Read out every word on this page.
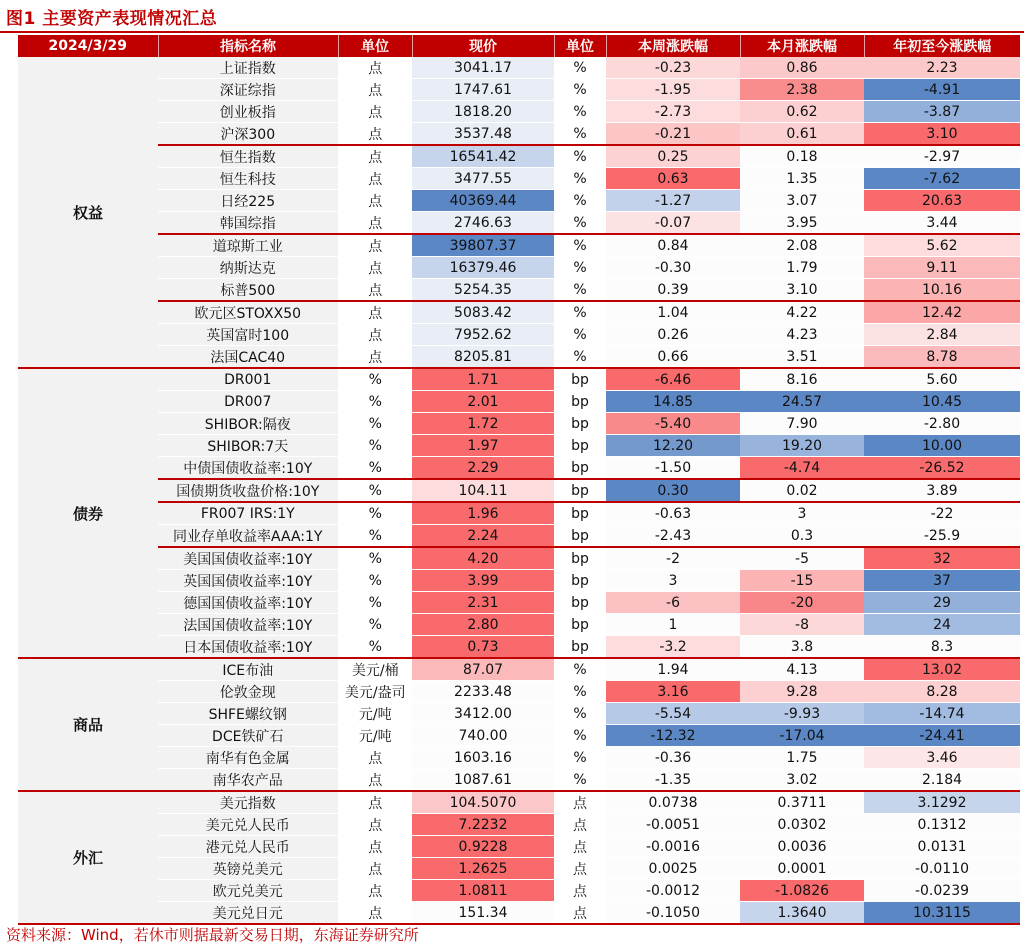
图1 主要资产表现情况汇总
2024/3/29	指标名称	单位	现价	单位	本周涨跌幅	本月涨跌幅	年初至今涨跌幅
权益	上证指数	点	3041.17	%	-0.23	0.86	2.23
	深证综指	点	1747.61	%	-1.95	2.38	-4.91
	创业板指	点	1818.20	%	-2.73	0.62	-3.87
	沪深300	点	3537.48	%	-0.21	0.61	3.10
	恒生指数	点	16541.42	%	0.25	0.18	-2.97
	恒生科技	点	3477.55	%	0.63	1.35	-7.62
	日经225	点	40369.44	%	-1.27	3.07	20.63
	韩国综指	点	2746.63	%	-0.07	3.95	3.44
	道琼斯工业	点	39807.37	%	0.84	2.08	5.62
	纳斯达克	点	16379.46	%	-0.30	1.79	9.11
	标普500	点	5254.35	%	0.39	3.10	10.16
	欧元区STOXX50	点	5083.42	%	1.04	4.22	12.42
	英国富时100	点	7952.62	%	0.26	4.23	2.84
	法国CAC40	点	8205.81	%	0.66	3.51	8.78
债券	DR001	%	1.71	bp	-6.46	8.16	5.60
	DR007	%	2.01	bp	14.85	24.57	10.45
	SHIBOR:隔夜	%	1.72	bp	-5.40	7.90	-2.80
	SHIBOR:7天	%	1.97	bp	12.20	19.20	10.00
	中债国债收益率:10Y	%	2.29	bp	-1.50	-4.74	-26.52
	国债期货收盘价格:10Y	%	104.11	bp	0.30	0.02	3.89
	FR007 IRS:1Y	%	1.96	bp	-0.63	3	-22
	同业存单收益率AAA:1Y	%	2.24	bp	-2.43	0.3	-25.9
	美国国债收益率:10Y	%	4.20	bp	-2	-5	32
	英国国债收益率:10Y	%	3.99	bp	3	-15	37
	德国国债收益率:10Y	%	2.31	bp	-6	-20	29
	法国国债收益率:10Y	%	2.80	bp	1	-8	24
	日本国债收益率:10Y	%	0.73	bp	-3.2	3.8	8.3
商品	ICE布油	美元/桶	87.07	%	1.94	4.13	13.02
	伦敦金现	美元/盎司	2233.48	%	3.16	9.28	8.28
	SHFE螺纹钢	元/吨	3412.00	%	-5.54	-9.93	-14.74
	DCE铁矿石	元/吨	740.00	%	-12.32	-17.04	-24.41
	南华有色金属	点	1603.16	%	-0.36	1.75	3.46
	南华农产品	点	1087.61	%	-1.35	3.02	2.184
外汇	美元指数	点	104.5070	点	0.0738	0.3711	3.1292
	美元兑人民币	点	7.2232	点	-0.0051	0.0302	0.1312
	港元兑人民币	点	0.9228	点	-0.0016	0.0036	0.0131
	英镑兑美元	点	1.2625	点	0.0025	0.0001	-0.0110
	欧元兑美元	点	1.0811	点	-0.0012	-1.0826	-0.0239
	美元兑日元	点	151.34	点	-0.1050	1.3640	10.3115
资料来源：Wind，若休市则据最新交易日期，东海证券研究所
